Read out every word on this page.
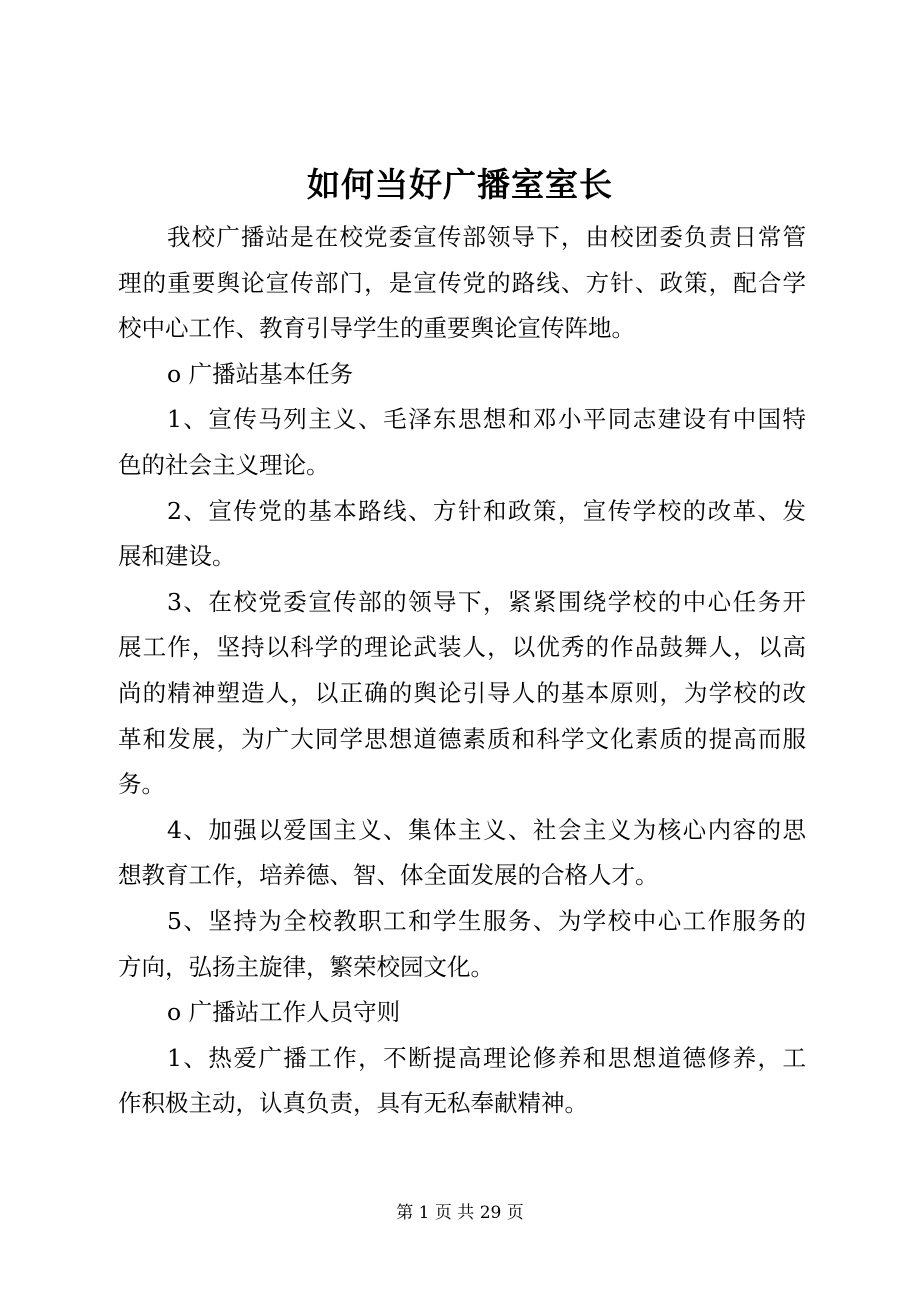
如何当好广播室室长
我校广播站是在校党委宣传部领导下，由校团委负责日常管
理的重要舆论宣传部门，是宣传党的路线、方针、政策，配合学
校中心工作、教育引导学生的重要舆论宣传阵地。
o 广播站基本任务
1、宣传马列主义、毛泽东思想和邓小平同志建设有中国特
色的社会主义理论。
2、宣传党的基本路线、方针和政策，宣传学校的改革、发
展和建设。
3、在校党委宣传部的领导下，紧紧围绕学校的中心任务开
展工作，坚持以科学的理论武装人，以优秀的作品鼓舞人，以高
尚的精神塑造人，以正确的舆论引导人的基本原则，为学校的改
革和发展，为广大同学思想道德素质和科学文化素质的提高而服
务。
4、加强以爱国主义、集体主义、社会主义为核心内容的思
想教育工作，培养德、智、体全面发展的合格人才。
5、坚持为全校教职工和学生服务、为学校中心工作服务的
方向，弘扬主旋律，繁荣校园文化。
o 广播站工作人员守则
1、热爱广播工作，不断提高理论修养和思想道德修养，工
作积极主动，认真负责，具有无私奉献精神。
第 1 页 共 29 页
